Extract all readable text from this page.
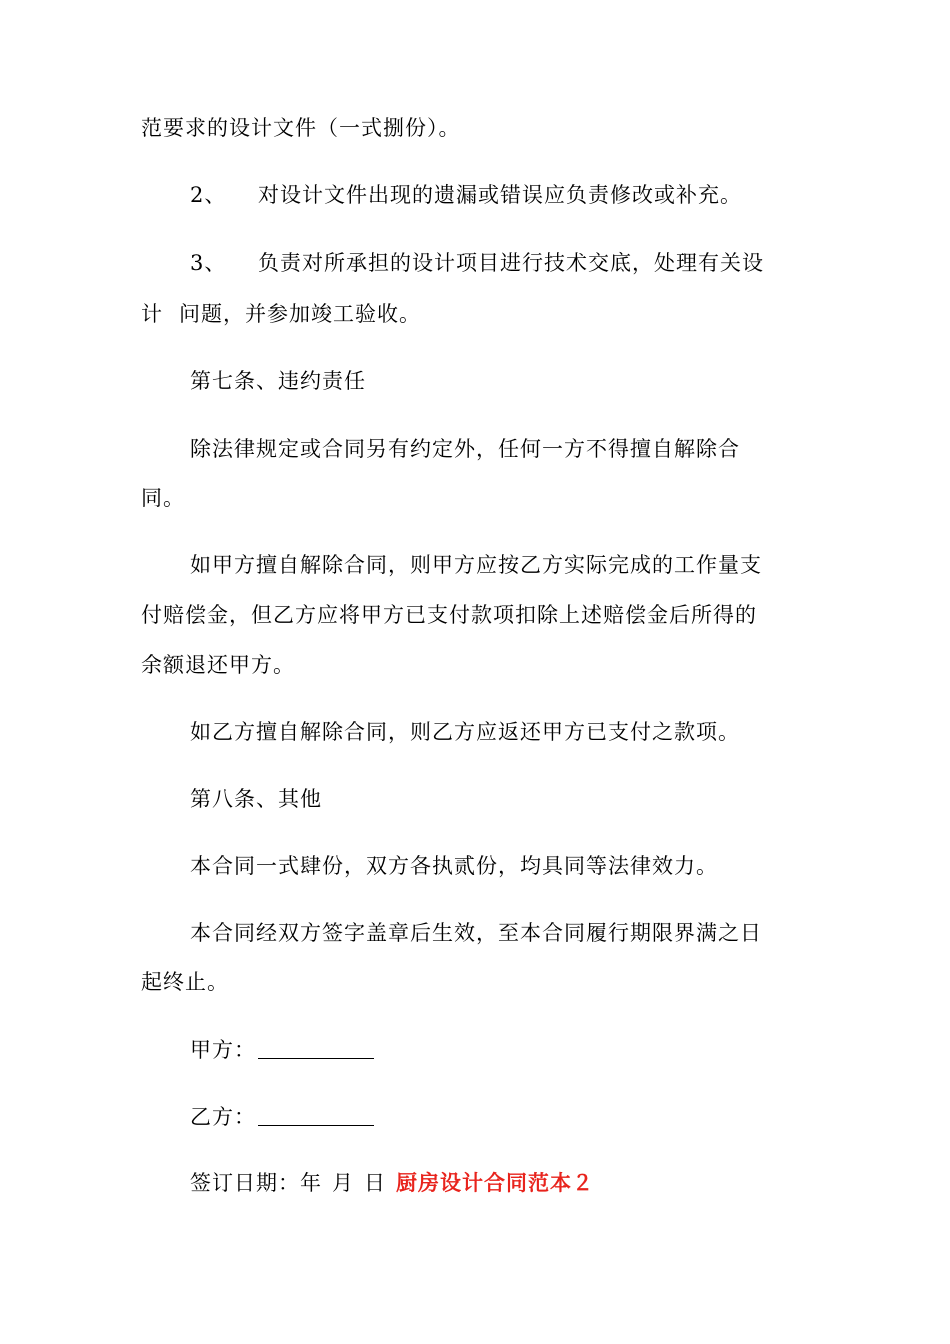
范要求的设计文件（一式捌份）。
2、 对设计文件出现的遗漏或错误应负责修改或补充。
3、 负责对所承担的设计项目进行技术交底，处理有关设
计 问题，并参加竣工验收。
第七条、违约责任
除法律规定或合同另有约定外，任何一方不得擅自解除合
同。
如甲方擅自解除合同，则甲方应按乙方实际完成的工作量支
付赔偿金，但乙方应将甲方已支付款项扣除上述赔偿金后所得的
余额退还甲方。
如乙方擅自解除合同，则乙方应返还甲方已支付之款项。
第八条、其他
本合同一式肆份，双方各执贰份，均具同等法律效力。
本合同经双方签字盖章后生效，至本合同履行期限界满之日
起终止。
甲方：
乙方：
签订日期：年 月 日 厨房设计合同范本２
